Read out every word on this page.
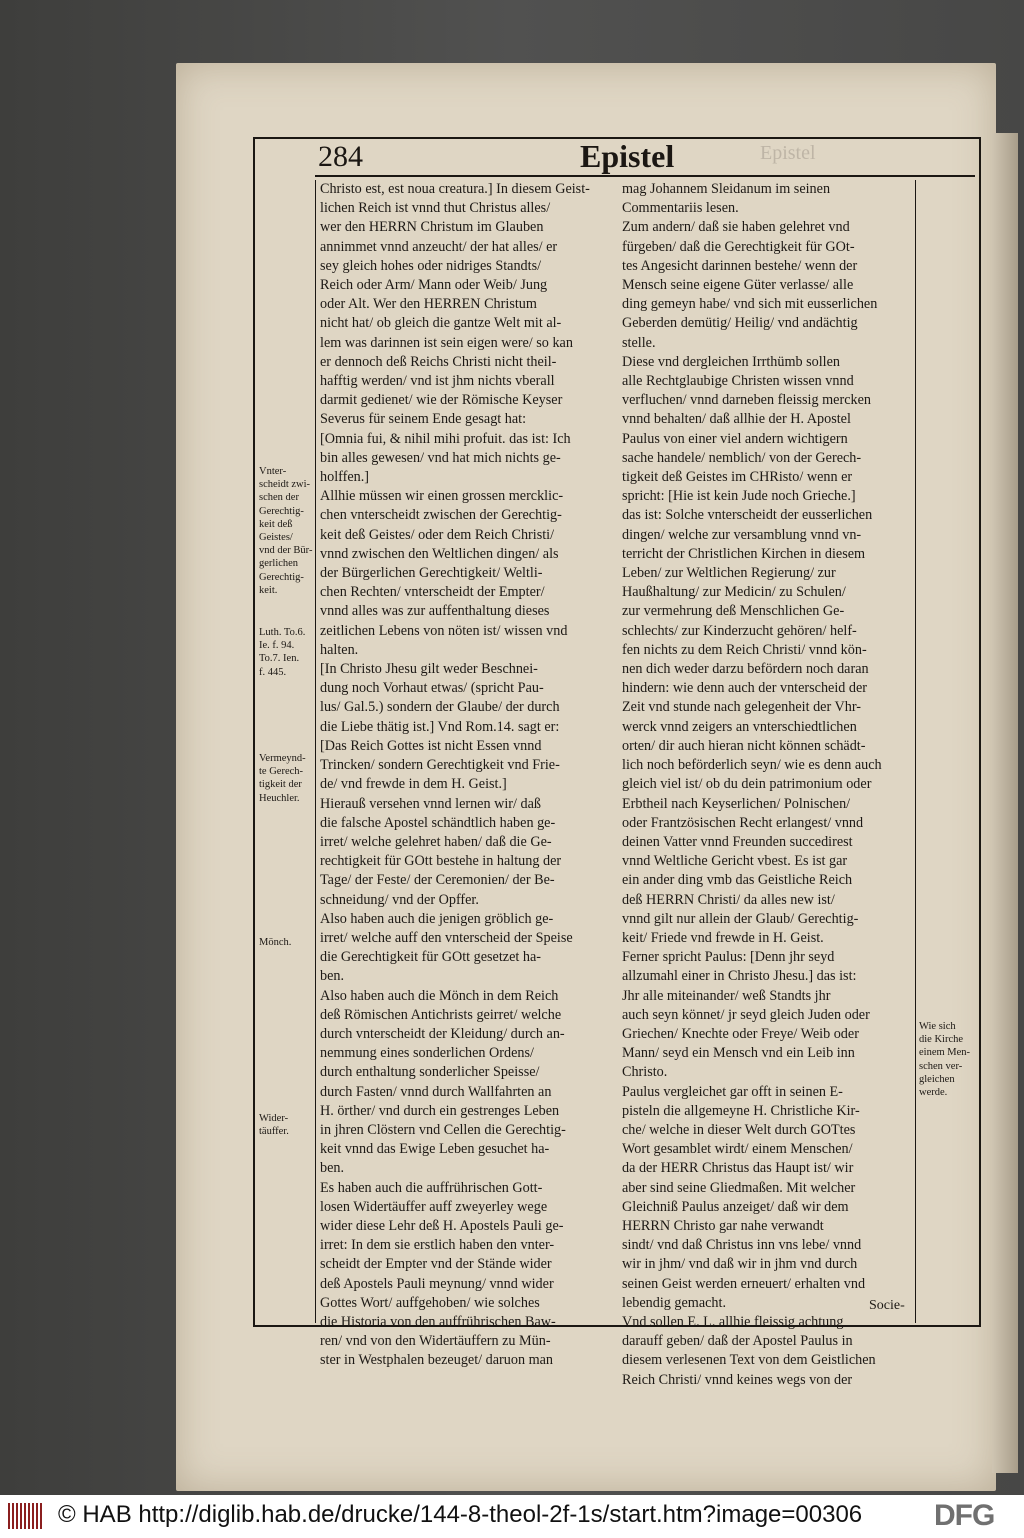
284	Epistel	Epistel
Christo est, est noua creatura.] In diesem Geist-
lichen Reich ist vnnd thut Christus alles/
wer den HERRN Christum im Glauben
annimmet vnnd anzeucht/ der hat alles/ er
sey gleich hohes oder nidriges Standts/
Reich oder Arm/ Mann oder Weib/ Jung
oder Alt. Wer den HERREN Christum
nicht hat/ ob gleich die gantze Welt mit al-
lem was darinnen ist sein eigen were/ so kan
er dennoch deß Reichs Christi nicht theil-
hafftig werden/ vnd ist jhm nichts vberall
darmit gedienet/ wie der Römische Keyser
Severus für seinem Ende gesagt hat:
[Omnia fui, & nihil mihi profuit. das ist: Ich
bin alles gewesen/ vnd hat mich nichts ge-
holffen.]
Allhie müssen wir einen grossen mercklic-
chen vnterscheidt zwischen der Gerechtig-
keit deß Geistes/ oder dem Reich Christi/
vnnd zwischen den Weltlichen dingen/ als
der Bürgerlichen Gerechtigkeit/ Weltli-
chen Rechten/ vnterscheidt der Empter/
vnnd alles was zur auffenthaltung dieses
zeitlichen Lebens von nöten ist/ wissen vnd
halten.
[In Christo Jhesu gilt weder Beschnei-
dung noch Vorhaut etwas/ (spricht Pau-
lus/ Gal.5.) sondern der Glaube/ der durch
die Liebe thätig ist.] Vnd Rom.14. sagt er:
[Das Reich Gottes ist nicht Essen vnnd
Trincken/ sondern Gerechtigkeit vnd Frie-
de/ vnd frewde in dem H. Geist.]
Hierauß versehen vnnd lernen wir/ daß
die falsche Apostel schändtlich haben ge-
irret/ welche gelehret haben/ daß die Ge-
rechtigkeit für GOtt bestehe in haltung der
Tage/ der Feste/ der Ceremonien/ der Be-
schneidung/ vnd der Opffer.
Also haben auch die jenigen gröblich ge-
irret/ welche auff den vnterscheid der Speise
die Gerechtigkeit für GOtt gesetzet ha-
ben.
Also haben auch die Mönch in dem Reich
deß Römischen Antichrists geirret/ welche
durch vnterscheidt der Kleidung/ durch an-
nemmung eines sonderlichen Ordens/
durch enthaltung sonderlicher Speisse/
durch Fasten/ vnnd durch Wallfahrten an
H. örther/ vnd durch ein gestrenges Leben
in jhren Clöstern vnd Cellen die Gerechtig-
keit vnnd das Ewige Leben gesuchet ha-
ben.
Es haben auch die auffrührischen Gott-
losen Widertäuffer auff zweyerley wege
wider diese Lehr deß H. Apostels Pauli ge-
irret: In dem sie erstlich haben den vnter-
scheidt der Empter vnd der Stände wider
deß Apostels Pauli meynung/ vnnd wider
Gottes Wort/ auffgehoben/ wie solches
die Historia von den auffrührischen Baw-
ren/ vnd von den Widertäuffern zu Mün-
ster in Westphalen bezeuget/ daruon man
mag Johannem Sleidanum im seinen
Commentariis lesen.
Zum andern/ daß sie haben gelehret vnd
fürgeben/ daß die Gerechtigkeit für GOt-
tes Angesicht darinnen bestehe/ wenn der
Mensch seine eigene Güter verlasse/ alle
ding gemeyn habe/ vnd sich mit eusserlichen
Geberden demütig/ Heilig/ vnd andächtig
stelle.
Diese vnd dergleichen Irrthümb sollen
alle Rechtglaubige Christen wissen vnnd
verfluchen/ vnnd darneben fleissig mercken
vnnd behalten/ daß allhie der H. Apostel
Paulus von einer viel andern wichtigern
sache handele/ nemblich/ von der Gerech-
tigkeit deß Geistes im CHRisto/ wenn er
spricht: [Hie ist kein Jude noch Grieche.]
das ist: Solche vnterscheidt der eusserlichen
dingen/ welche zur versamblung vnnd vn-
terricht der Christlichen Kirchen in diesem
Leben/ zur Weltlichen Regierung/ zur
Haußhaltung/ zur Medicin/ zu Schulen/
zur vermehrung deß Menschlichen Ge-
schlechts/ zur Kinderzucht gehören/ helf-
fen nichts zu dem Reich Christi/ vnnd kön-
nen dich weder darzu befördern noch daran
hindern: wie denn auch der vnterscheid der
Zeit vnd stunde nach gelegenheit der Vhr-
werck vnnd zeigers an vnterschiedtlichen
orten/ dir auch hieran nicht können schädt-
lich noch beförderlich seyn/ wie es denn auch
gleich viel ist/ ob du dein patrimonium oder
Erbtheil nach Keyserlichen/ Polnischen/
oder Frantzösischen Recht erlangest/ vnnd
deinen Vatter vnnd Freunden succedirest
vnnd Weltliche Gericht vbest. Es ist gar
ein ander ding vmb das Geistliche Reich
deß HERRN Christi/ da alles new ist/
vnnd gilt nur allein der Glaub/ Gerechtig-
keit/ Friede vnd frewde in H. Geist.
Ferner spricht Paulus: [Denn jhr seyd
allzumahl einer in Christo Jhesu.] das ist:
Jhr alle miteinander/ weß Standts jhr
auch seyn könnet/ jr seyd gleich Juden oder
Griechen/ Knechte oder Freye/ Weib oder
Mann/ seyd ein Mensch vnd ein Leib inn
Christo.
Paulus vergleichet gar offt in seinen E-
pisteln die allgemeyne H. Christliche Kir-
che/ welche in dieser Welt durch GOTtes
Wort gesamblet wirdt/ einem Menschen/
da der HERR Christus das Haupt ist/ wir
aber sind seine Gliedmaßen. Mit welcher
Gleichniß Paulus anzeiget/ daß wir dem
HERRN Christo gar nahe verwandt
sindt/ vnd daß Christus inn vns lebe/ vnnd
wir in jhm/ vnd daß wir in jhm vnd durch
seinen Geist werden erneuert/ erhalten vnd
lebendig gemacht.
Vnd sollen E. L. allhie fleissig achtung
darauff geben/ daß der Apostel Paulus in
diesem verlesenen Text von dem Geistlichen
Reich Christi/ vnnd keines wegs von der
Vnter-
scheidt zwi-
schen der
Gerechtig-
keit deß
Geistes/
vnd der Bür-
gerlichen
Gerechtig-
keit.
Luth. To.6.
Ie. f. 94.
To.7. Ien.
f. 445.
Vermeynd-
te Gerech-
tigkeit der
Heuchler.
Mönch.
Wider-
täuffer.
Wie sich
die Kirche
einem Men-
schen ver-
gleichen
werde.
Socie-
© HAB http://diglib.hab.de/drucke/144-8-theol-2f-1s/start.htm?image=00306 DFG
